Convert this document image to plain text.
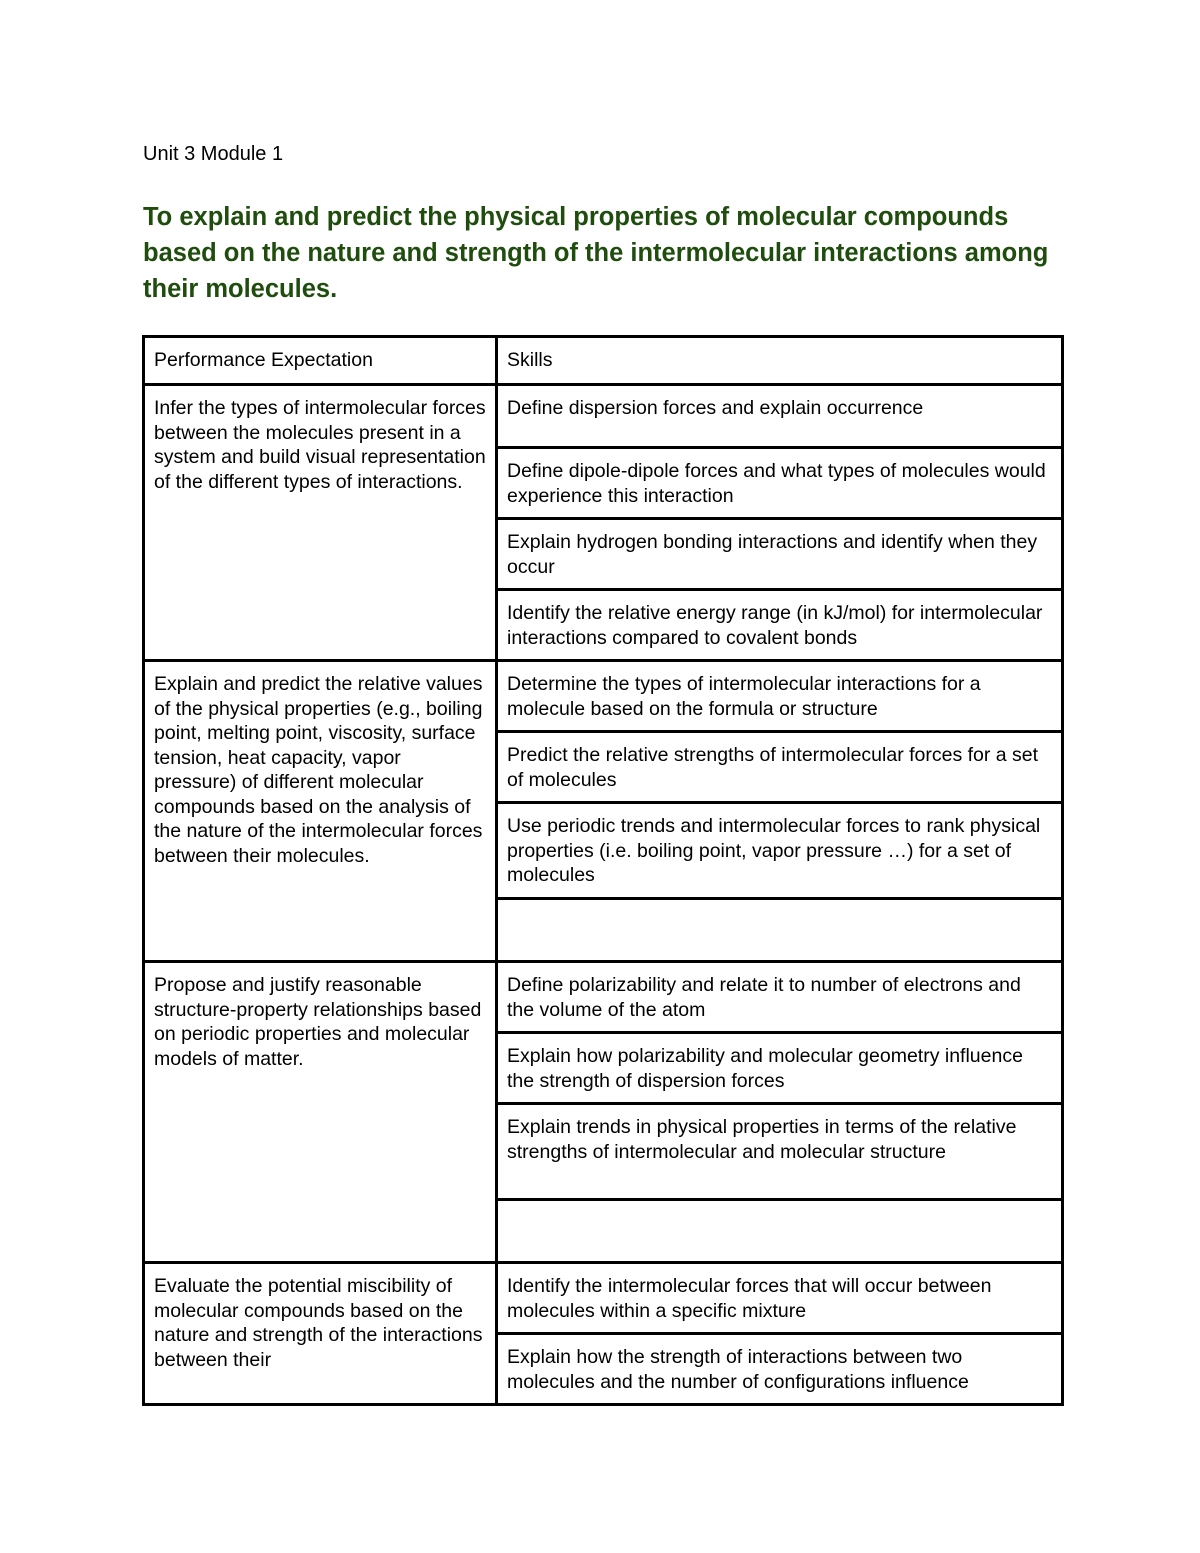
Unit 3 Module 1
To explain and predict the physical properties of molecular compounds based on the nature and strength of the intermolecular interactions among their molecules.
Performance Expectation	Skills
Infer the types of intermolecular forces between the molecules present in a system and build visual representation of the different types of interactions.	Define dispersion forces and explain occurrence
	Define dipole-dipole forces and what types of molecules would experience this interaction
	Explain hydrogen bonding interactions and identify when they occur
	Identify the relative energy range (in kJ/mol) for intermolecular interactions compared to covalent bonds
Explain and predict the relative values of the physical properties (e.g., boiling point, melting point, viscosity, surface tension, heat capacity, vapor pressure) of different molecular compounds based on the analysis of the nature of the intermolecular forces between their molecules.	Determine the types of intermolecular interactions for a molecule based on the formula or structure
	Predict the relative strengths of intermolecular forces for a set of molecules
	Use periodic trends and intermolecular forces to rank physical properties (i.e. boiling point, vapor pressure …) for a set of molecules

Propose and justify reasonable structure-property relationships based on periodic properties and molecular models of matter.	Define polarizability and relate it to number of electrons and the volume of the atom
	Explain how polarizability and molecular geometry influence the strength of dispersion forces
	Explain trends in physical properties in terms of the relative strengths of intermolecular and molecular structure

Evaluate the potential miscibility of molecular compounds based on the nature and strength of the interactions between their	Identify the intermolecular forces that will occur between molecules within a specific mixture
	Explain how the strength of interactions between two molecules and the number of configurations influence
